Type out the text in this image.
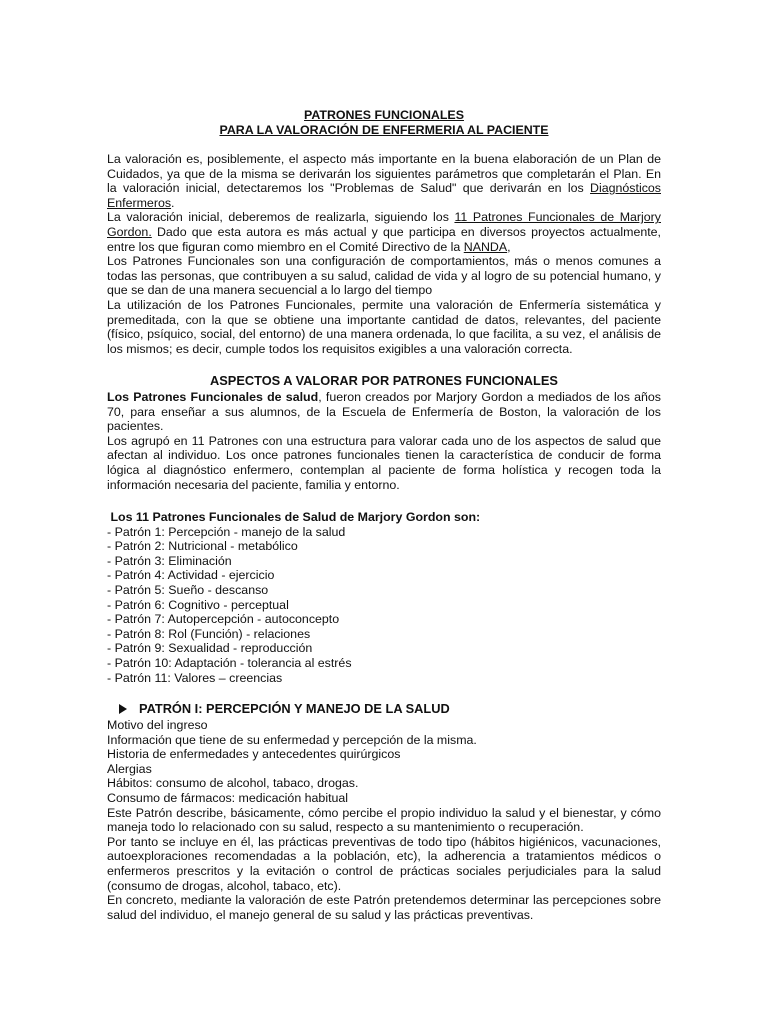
PATRONES FUNCIONALES

PARA LA VALORACIÓN DE ENFERMERIA AL PACIENTE

La valoración es, posiblemente, el aspecto más importante en la buena elaboración de un Plan de Cuidados, ya que de la misma se derivarán los siguientes parámetros que completarán el Plan. En la valoración inicial, detectaremos los "Problemas de Salud" que derivarán en los Diagnósticos Enfermeros.

La valoración inicial, deberemos de realizarla, siguiendo los 11 Patrones Funcionales de Marjory Gordon. Dado que esta autora es más actual y que participa en diversos proyectos actualmente, entre los que figuran como miembro en el Comité Directivo de la NANDA,

Los Patrones Funcionales son una configuración de comportamientos, más o menos comunes a todas las personas, que contribuyen a su salud, calidad de vida y al logro de su potencial humano, y que se dan de una manera secuencial a lo largo del tiempo

La utilización de los Patrones Funcionales, permite una valoración de Enfermería sistemática y premeditada, con la que se obtiene una importante cantidad de datos, relevantes, del paciente (físico, psíquico, social, del entorno) de una manera ordenada, lo que facilita, a su vez, el análisis de los mismos; es decir, cumple todos los requisitos exigibles a una valoración correcta.

ASPECTOS A VALORAR POR PATRONES FUNCIONALES

Los Patrones Funcionales de salud, fueron creados por Marjory Gordon a mediados de los años 70, para enseñar a sus alumnos, de la Escuela de Enfermería de Boston, la valoración de los pacientes.

Los agrupó en 11 Patrones con una estructura para valorar cada uno de los aspectos de salud que afectan al individuo. Los once patrones funcionales tienen la característica de conducir de forma lógica al diagnóstico enfermero, contemplan al paciente de forma holística y recogen toda la información necesaria del paciente, familia y entorno.

Los 11 Patrones Funcionales de Salud de Marjory Gordon son:

- Patrón 1: Percepción - manejo de la salud

- Patrón 2: Nutricional - metabólico

- Patrón 3: Eliminación

- Patrón 4: Actividad - ejercicio

- Patrón 5: Sueño - descanso

- Patrón 6: Cognitivo - perceptual

- Patrón 7: Autopercepción - autoconcepto

- Patrón 8: Rol (Función) - relaciones

- Patrón 9: Sexualidad - reproducción

- Patrón 10: Adaptación - tolerancia al estrés

- Patrón 11: Valores – creencias

PATRÓN I: PERCEPCIÓN Y MANEJO DE LA SALUD

Motivo del ingreso

Información que tiene de su enfermedad y percepción de la misma.

Historia de enfermedades y antecedentes quirúrgicos

Alergias

Hábitos: consumo de alcohol, tabaco, drogas.

Consumo de fármacos: medicación habitual

Este Patrón describe, básicamente, cómo percibe el propio individuo la salud y el bienestar, y cómo maneja todo lo relacionado con su salud, respecto a su mantenimiento o recuperación.

Por tanto se incluye en él, las prácticas preventivas de todo tipo (hábitos higiénicos, vacunaciones, autoexploraciones recomendadas a la población, etc), la adherencia a tratamientos médicos o enfermeros prescritos y la evitación o control de prácticas sociales perjudiciales para la salud (consumo de drogas, alcohol, tabaco, etc).

En concreto, mediante la valoración de este Patrón pretendemos determinar las percepciones sobre salud del individuo, el manejo general de su salud y las prácticas preventivas.
